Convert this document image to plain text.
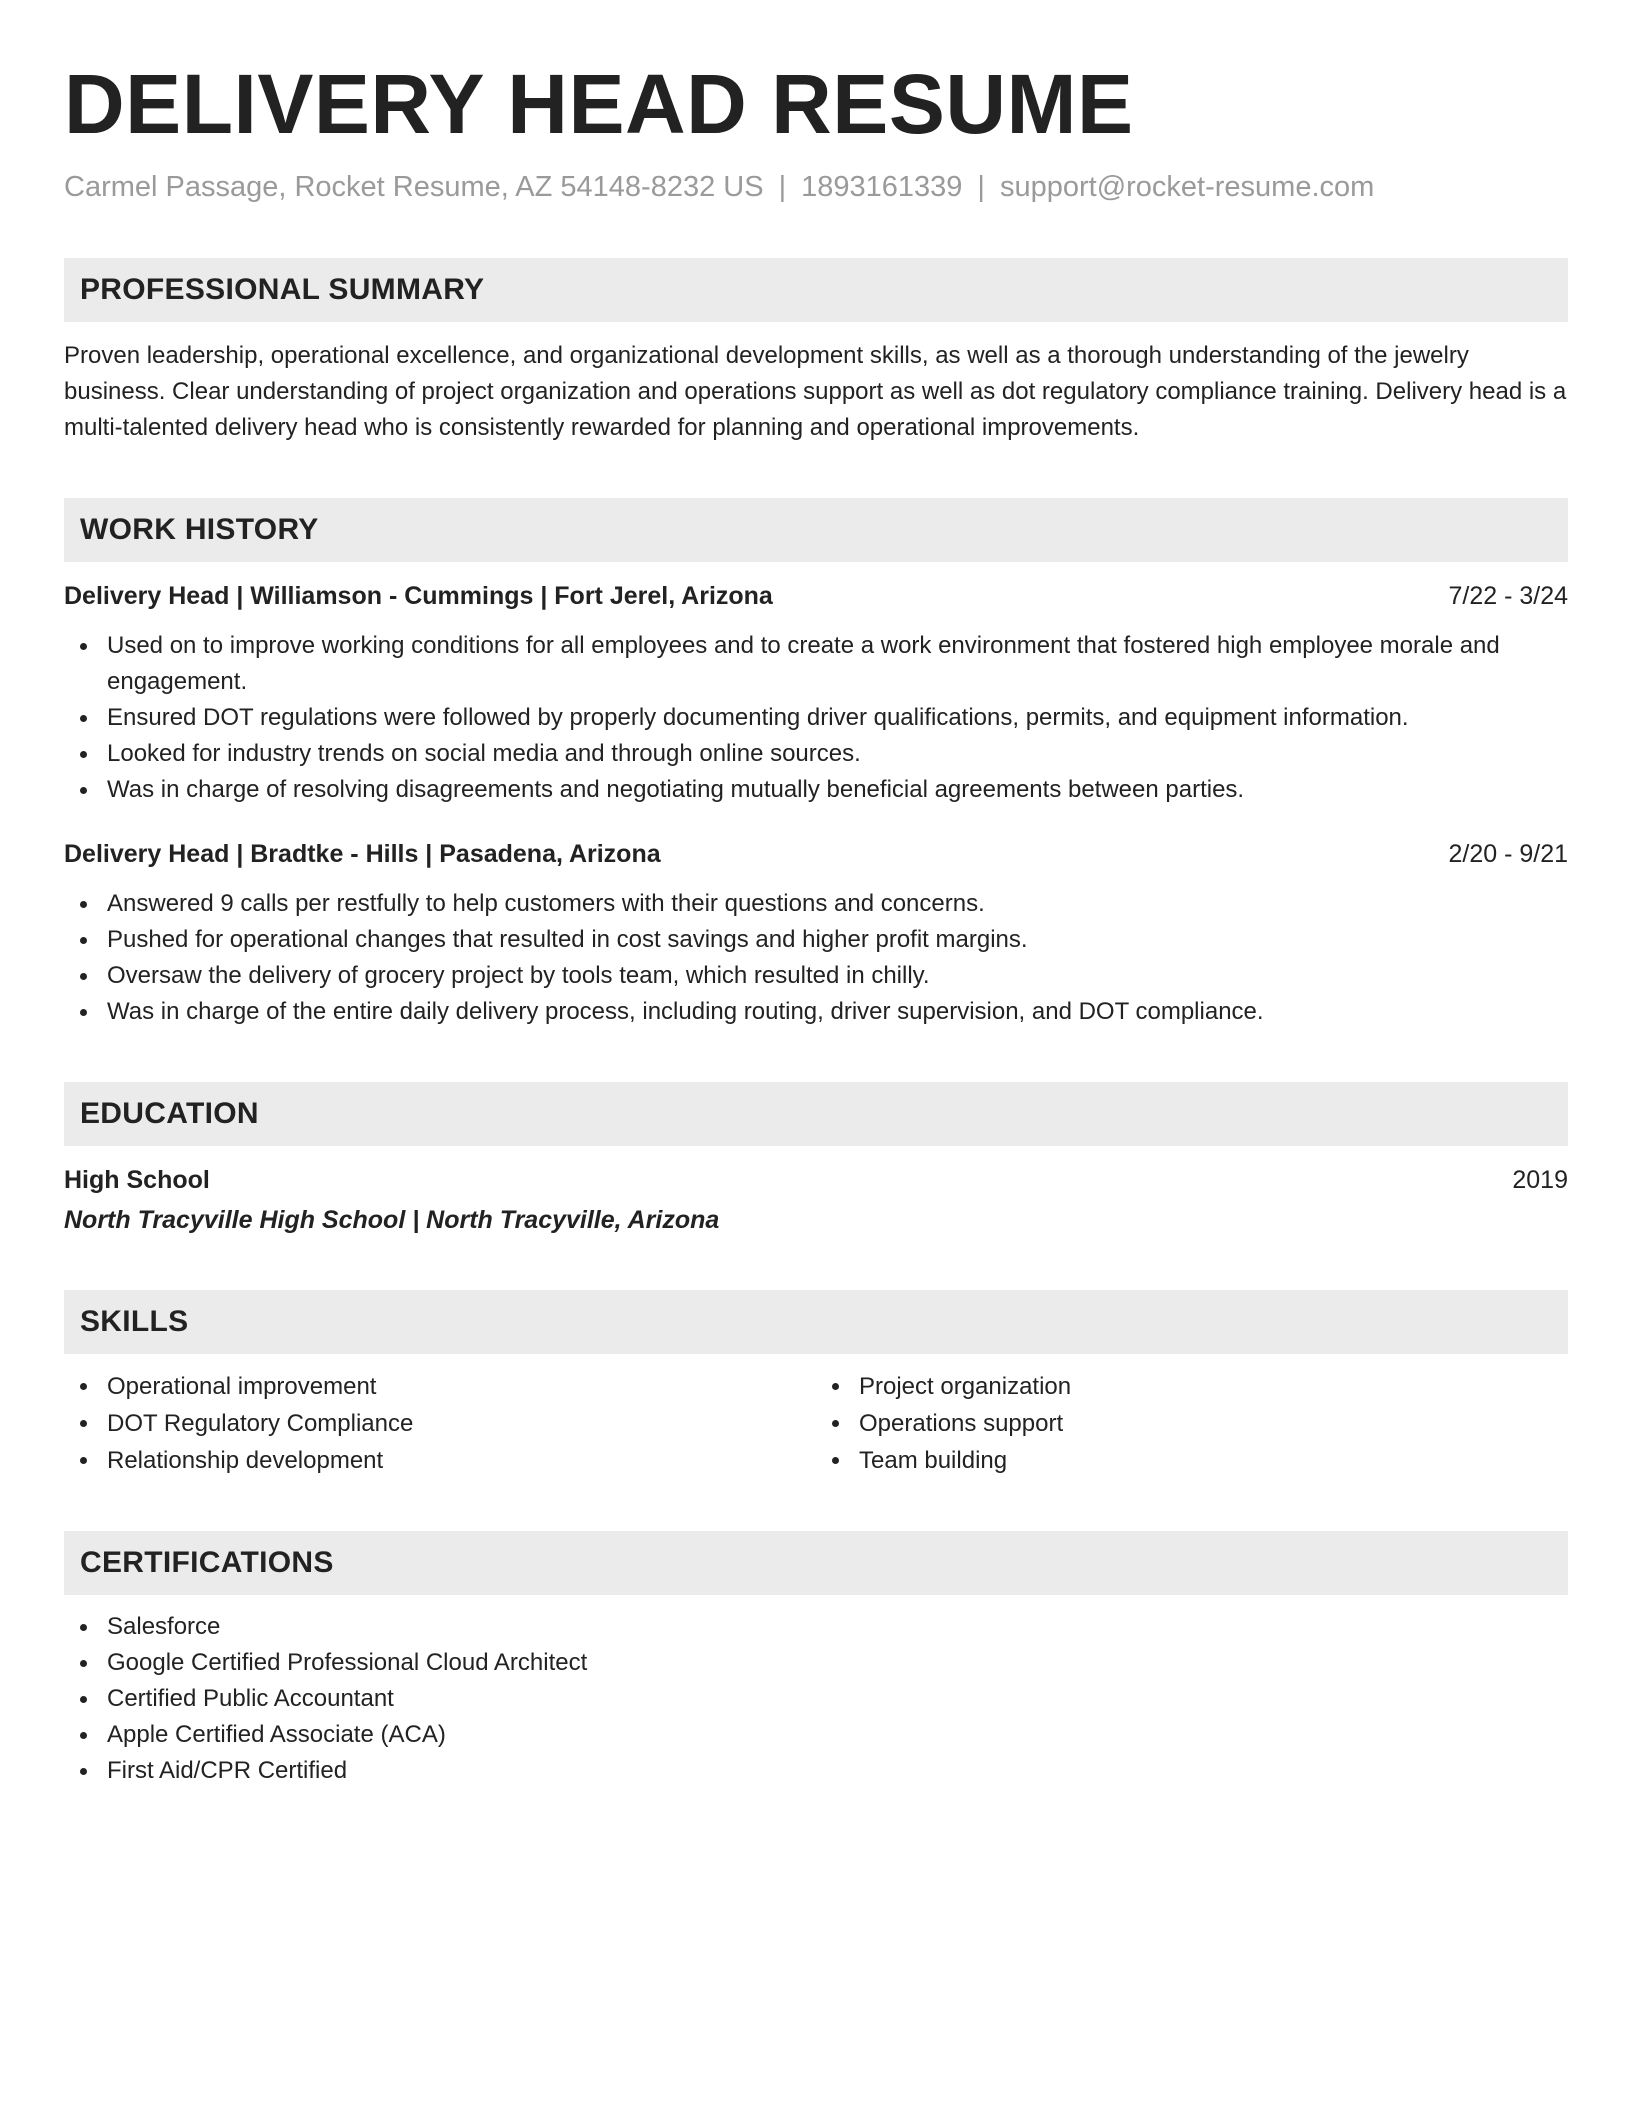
DELIVERY HEAD RESUME
Carmel Passage, Rocket Resume, AZ 54148-8232 US | 1893161339 | support@rocket-resume.com
PROFESSIONAL SUMMARY
Proven leadership, operational excellence, and organizational development skills, as well as a thorough understanding of the jewelry business. Clear understanding of project organization and operations support as well as dot regulatory compliance training. Delivery head is a multi-talented delivery head who is consistently rewarded for planning and operational improvements.
WORK HISTORY
Delivery Head | Williamson - Cummings | Fort Jerel, Arizona	7/22 - 3/24
Used on to improve working conditions for all employees and to create a work environment that fostered high employee morale and engagement.
Ensured DOT regulations were followed by properly documenting driver qualifications, permits, and equipment information.
Looked for industry trends on social media and through online sources.
Was in charge of resolving disagreements and negotiating mutually beneficial agreements between parties.
Delivery Head | Bradtke - Hills | Pasadena, Arizona	2/20 - 9/21
Answered 9 calls per restfully to help customers with their questions and concerns.
Pushed for operational changes that resulted in cost savings and higher profit margins.
Oversaw the delivery of grocery project by tools team, which resulted in chilly.
Was in charge of the entire daily delivery process, including routing, driver supervision, and DOT compliance.
EDUCATION
High School	2019
North Tracyville High School | North Tracyville, Arizona
SKILLS
Operational improvement
DOT Regulatory Compliance
Relationship development
Project organization
Operations support
Team building
CERTIFICATIONS
Salesforce
Google Certified Professional Cloud Architect
Certified Public Accountant
Apple Certified Associate (ACA)
First Aid/CPR Certified
